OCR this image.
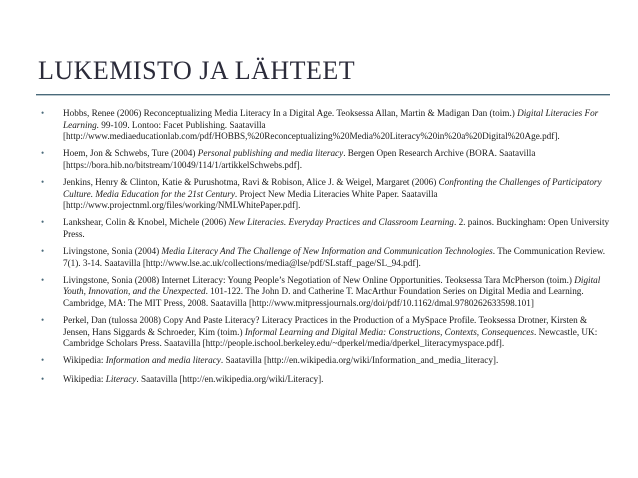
LUKEMISTO JA LÄHTEET
• Hobbs, Renee (2006) Reconceptualizing Media Literacy In a Digital Age. Teoksessa Allan, Martin & Madigan Dan (toim.) Digital Literacies For Learning. 99-109. Lontoo: Facet Publishing. Saatavilla [http://www.mediaeducationlab.com/pdf/HOBBS,%20Reconceptualizing%20Media%20Literacy%20in%20a%20Digital%20Age.pdf].
• Hoem, Jon & Schwebs, Ture (2004) Personal publishing and media literacy. Bergen Open Research Archive (BORA. Saatavilla [https://bora.hib.no/bitstream/10049/114/1/artikkelSchwebs.pdf].
• Jenkins, Henry & Clinton, Katie & Purushotma, Ravi & Robison, Alice J. & Weigel, Margaret (2006) Confronting the Challenges of Participatory Culture. Media Education for the 21st Century. Project New Media Literacies White Paper. Saatavilla [http://www.projectnml.org/files/working/NMLWhitePaper.pdf].
• Lankshear, Colin & Knobel, Michele (2006) New Literacies. Everyday Practices and Classroom Learning. 2. painos. Buckingham: Open University Press.
• Livingstone, Sonia (2004) Media Literacy And The Challenge of New Information and Communication Technologies. The Communication Review. 7(1). 3-14. Saatavilla [http://www.lse.ac.uk/collections/media@lse/pdf/SLstaff_page/SL_94.pdf].
• Livingstone, Sonia (2008) Internet Literacy: Young People’s Negotiation of New Online Opportunities. Teoksessa Tara McPherson (toim.) Digital Youth, Innovation, and the Unexpected. 101-122. The John D. and Catherine T. MacArthur Foundation Series on Digital Media and Learning. Cambridge, MA: The MIT Press, 2008. Saatavilla [http://www.mitpressjournals.org/doi/pdf/10.1162/dmal.9780262633598.101]
• Perkel, Dan (tulossa 2008) Copy And Paste Literacy? Literacy Practices in the Production of a MySpace Profile. Teoksessa Drotner, Kirsten & Jensen, Hans Siggards & Schroeder, Kim (toim.) Informal Learning and Digital Media: Constructions, Contexts, Consequences. Newcastle, UK: Cambridge Scholars Press. Saatavilla [http://people.ischool.berkeley.edu/~dperkel/media/dperkel_literacymyspace.pdf].
• Wikipedia: Information and media literacy. Saatavilla [http://en.wikipedia.org/wiki/Information_and_media_literacy].
• Wikipedia: Literacy. Saatavilla [http://en.wikipedia.org/wiki/Literacy].
